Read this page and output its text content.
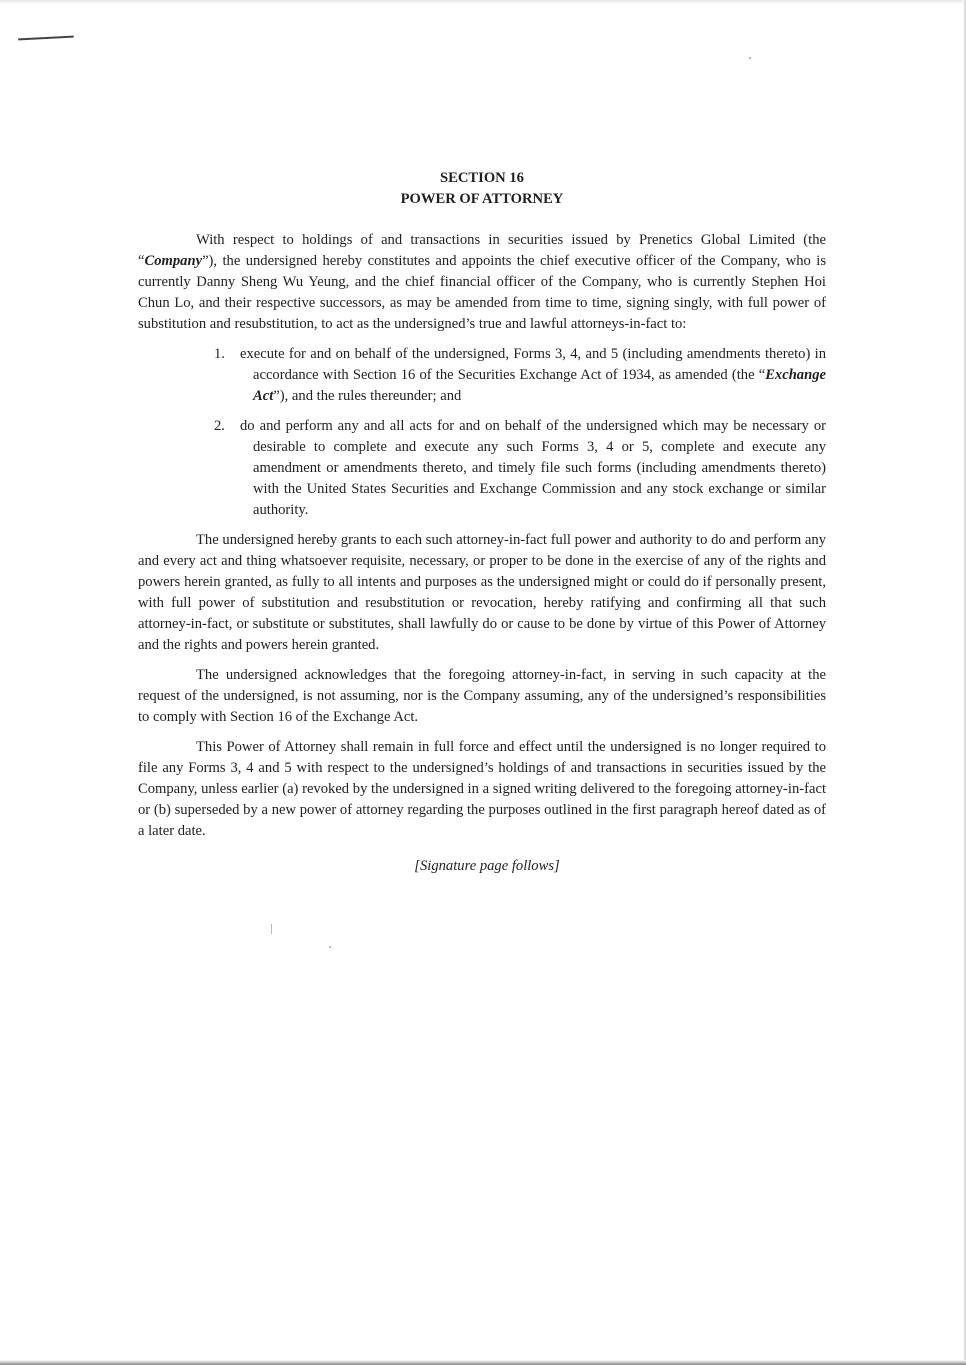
SECTION 16

POWER OF ATTORNEY

With respect to holdings of and transactions in securities issued by Prenetics Global Limited (the “Company”), the undersigned hereby constitutes and appoints the chief executive officer of the Company, who is currently Danny Sheng Wu Yeung, and the chief financial officer of the Company, who is currently Stephen Hoi Chun Lo, and their respective successors, as may be amended from time to time, signing singly, with full power of substitution and resubstitution, to act as the undersigned’s true and lawful attorneys-in-fact to:

1. execute for and on behalf of the undersigned, Forms 3, 4, and 5 (including amendments thereto) in accordance with Section 16 of the Securities Exchange Act of 1934, as amended (the “Exchange Act”), and the rules thereunder; and
2. do and perform any and all acts for and on behalf of the undersigned which may be necessary or desirable to complete and execute any such Forms 3, 4 or 5, complete and execute any amendment or amendments thereto, and timely file such forms (including amendments thereto) with the United States Securities and Exchange Commission and any stock exchange or similar authority.

The undersigned hereby grants to each such attorney-in-fact full power and authority to do and perform any and every act and thing whatsoever requisite, necessary, or proper to be done in the exercise of any of the rights and powers herein granted, as fully to all intents and purposes as the undersigned might or could do if personally present, with full power of substitution and resubstitution or revocation, hereby ratifying and confirming all that such attorney-in-fact, or substitute or substitutes, shall lawfully do or cause to be done by virtue of this Power of Attorney and the rights and powers herein granted.

The undersigned acknowledges that the foregoing attorney-in-fact, in serving in such capacity at the request of the undersigned, is not assuming, nor is the Company assuming, any of the undersigned’s responsibilities to comply with Section 16 of the Exchange Act.

This Power of Attorney shall remain in full force and effect until the undersigned is no longer required to file any Forms 3, 4 and 5 with respect to the undersigned’s holdings of and transactions in securities issued by the Company, unless earlier (a) revoked by the undersigned in a signed writing delivered to the foregoing attorney-in-fact or (b) superseded by a new power of attorney regarding the purposes outlined in the first paragraph hereof dated as of a later date.

[Signature page follows]
